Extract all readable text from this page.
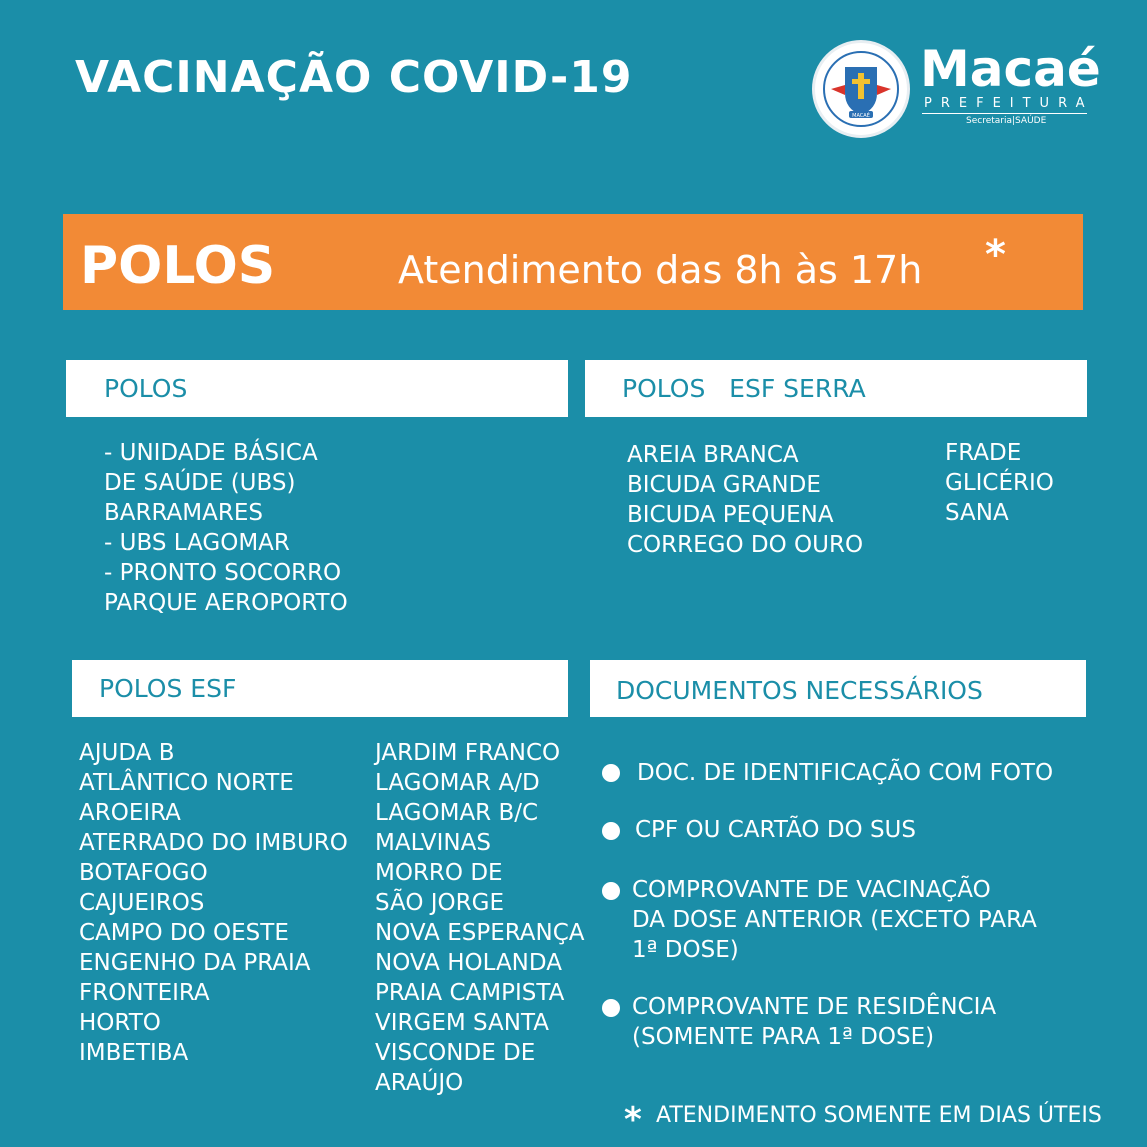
VACINAÇÃO COVID-19
MACAÉ
Macaé
PREFEITURA
Secretaria|SAÚDE
POLOS	Atendimento das 8h às 17h *
POLOS
- UNIDADE BÁSICA
DE SAÚDE (UBS)
BARRAMARES
- UBS LAGOMAR
- PRONTO SOCORRO
PARQUE AEROPORTO
POLOS   ESF SERRA
AREIA BRANCA
BICUDA GRANDE
BICUDA PEQUENA
CORREGO DO OURO
FRADE
GLICÉRIO
SANA
POLOS ESF
AJUDA B
ATLÂNTICO NORTE
AROEIRA
ATERRADO DO IMBURO
BOTAFOGO
CAJUEIROS
CAMPO DO OESTE
ENGENHO DA PRAIA
FRONTEIRA
HORTO
IMBETIBA
JARDIM FRANCO
LAGOMAR A/D
LAGOMAR B/C
MALVINAS
MORRO DE
SÃO JORGE
NOVA ESPERANÇA
NOVA HOLANDA
PRAIA CAMPISTA
VIRGEM SANTA
VISCONDE DE
ARAÚJO
DOCUMENTOS NECESSÁRIOS
DOC. DE IDENTIFICAÇÃO COM FOTO
CPF OU CARTÃO DO SUS
COMPROVANTE DE VACINAÇÃO
DA DOSE ANTERIOR (EXCETO PARA
1ª DOSE)
COMPROVANTE DE RESIDÊNCIA
(SOMENTE PARA 1ª DOSE)
* ATENDIMENTO SOMENTE EM DIAS ÚTEIS
